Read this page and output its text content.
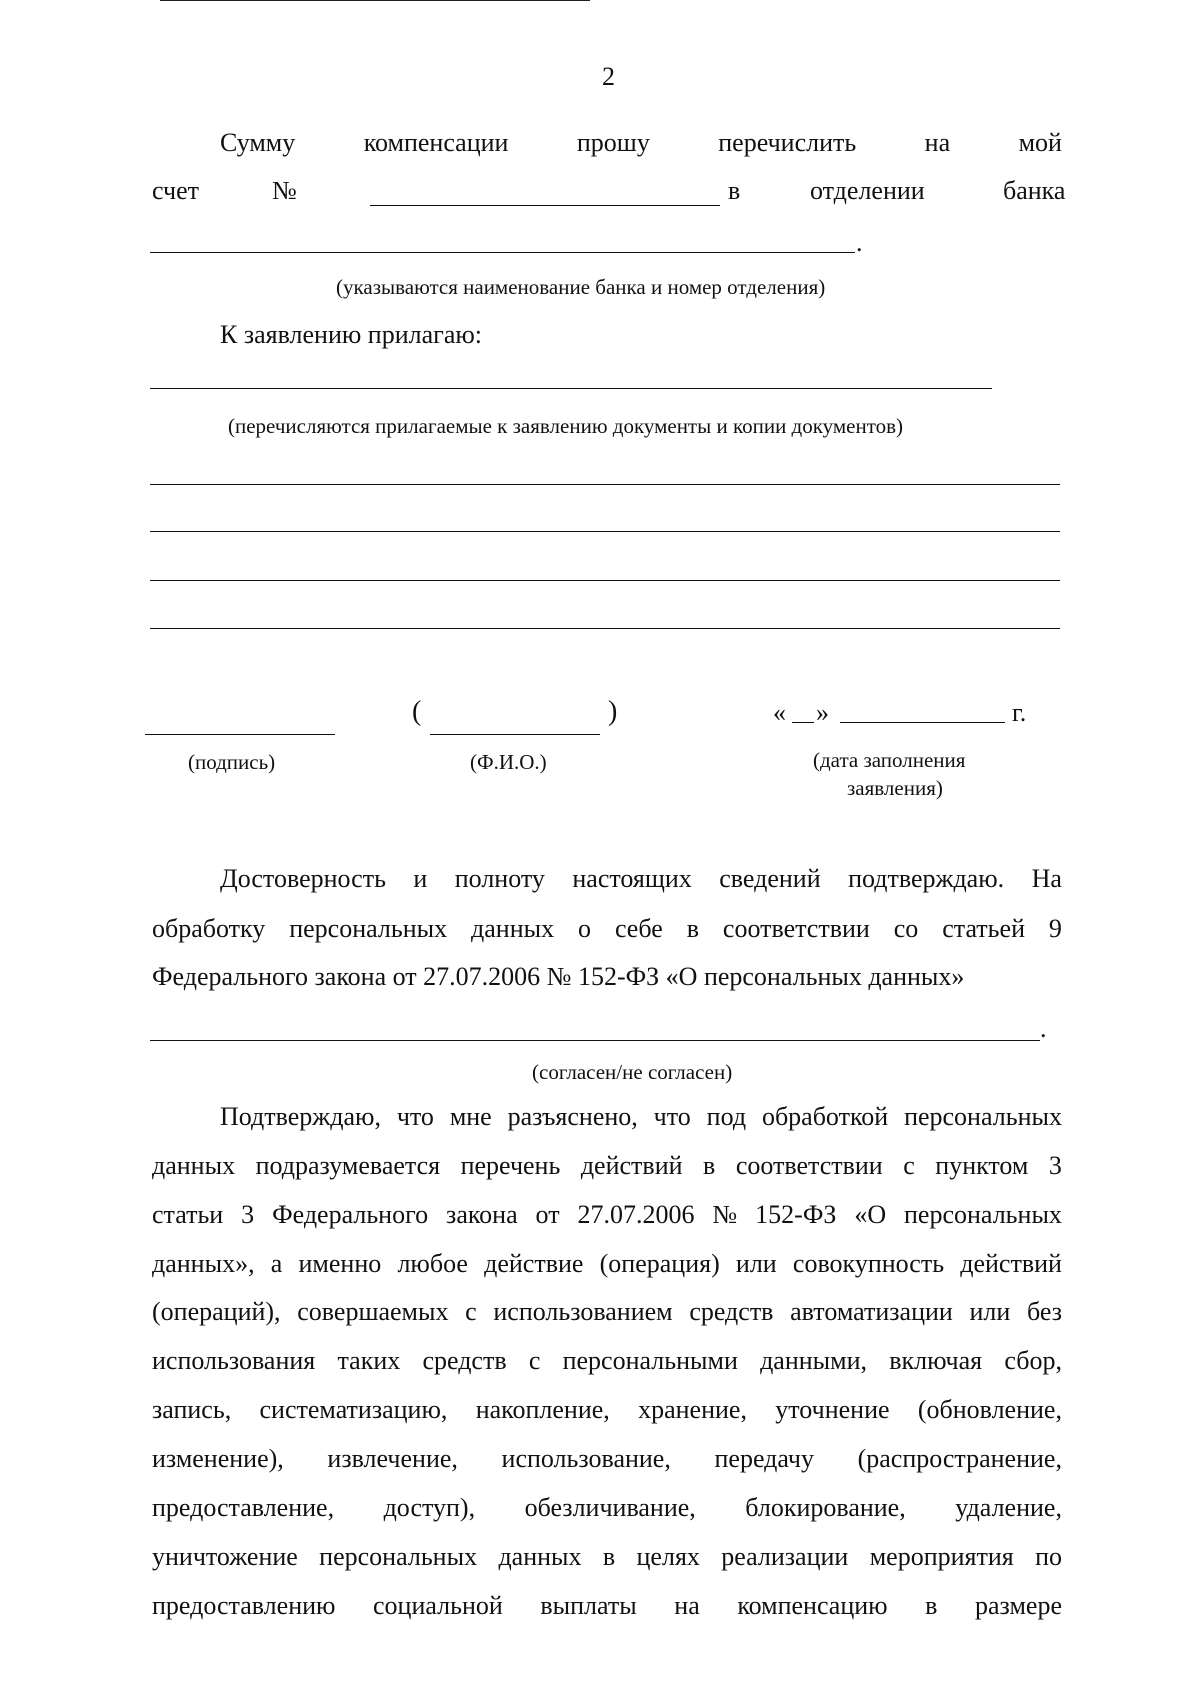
2
Сумму	компенсации	прошу	перечислить	на	мой
счет	№	в	отделении	банка
.
(указываются наименование банка и номер отделения)
К заявлению прилагаю:
(перечисляются прилагаемые к заявлению документы и копии документов)
(	)	« »	г.
(подпись)	(Ф.И.О.)	(дата заполнения
заявления)
Достоверность и полноту настоящих сведений подтверждаю. На
обработку персональных данных о себе в соответствии со статьей 9
Федерального закона от 27.07.2006 № 152-ФЗ «О персональных данных»
.
(согласен/не согласен)
Подтверждаю, что мне разъяснено, что под обработкой персональных
данных подразумевается перечень действий в соответствии с пунктом 3
статьи 3 Федерального закона от 27.07.2006 № 152-ФЗ «О персональных
данных», а именно любое действие (операция) или совокупность действий
(операций), совершаемых с использованием средств автоматизации или без
использования таких средств с персональными данными, включая сбор,
запись, систематизацию, накопление, хранение, уточнение (обновление,
изменение), извлечение, использование, передачу (распространение,
предоставление, доступ), обезличивание, блокирование, удаление,
уничтожение персональных данных в целях реализации мероприятия по
предоставлению социальной выплаты на компенсацию в размере
